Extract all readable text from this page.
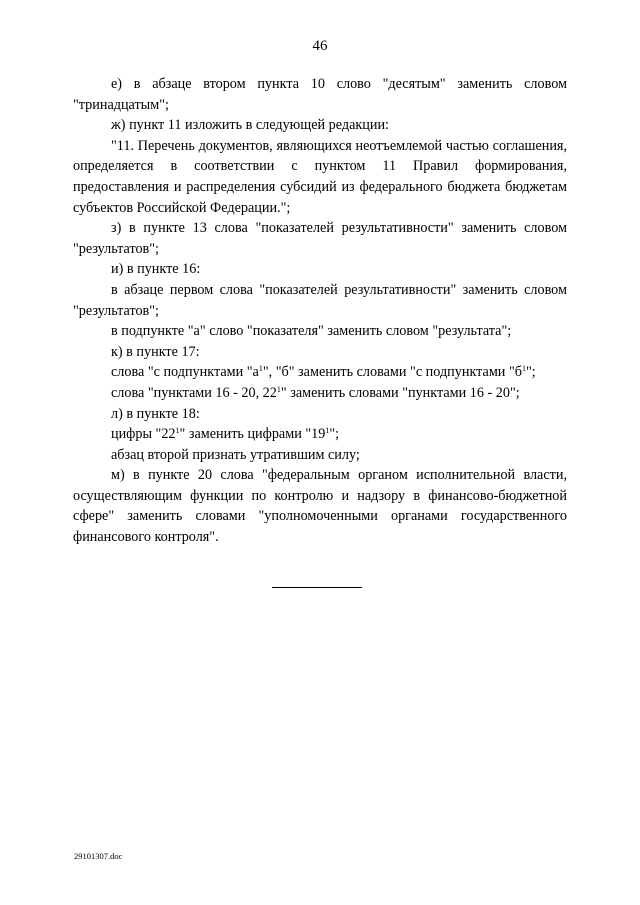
46

е) в абзаце втором пункта 10 слово "десятым" заменить словом "тринадцатым";

ж) пункт 11 изложить в следующей редакции:

"11. Перечень документов, являющихся неотъемлемой частью соглашения, определяется в соответствии с пунктом 11 Правил формирования, предоставления и распределения субсидий из федерального бюджета бюджетам субъектов Российской Федерации.";

з) в пункте 13 слова "показателей результативности" заменить словом "результатов";

и) в пункте 16:

в абзаце первом слова "показателей результативности" заменить словом "результатов";

в подпункте "а" слово "показателя" заменить словом "результата";

к) в пункте 17:

слова "с подпунктами "$а^1$", "б" заменить словами "с подпунктами "$б^1$";

слова "пунктами 16 - 20, $22^1$" заменить словами "пунктами 16 - 20";

л) в пункте 18:

цифры "$22^1$" заменить цифрами "$19^1$";

абзац второй признать утратившим силу;

м) в пункте 20 слова "федеральным органом исполнительной власти, осуществляющим функции по контролю и надзору в финансово-бюджетной сфере" заменить словами "уполномоченными органами государственного финансового контроля".

29101307.doc
